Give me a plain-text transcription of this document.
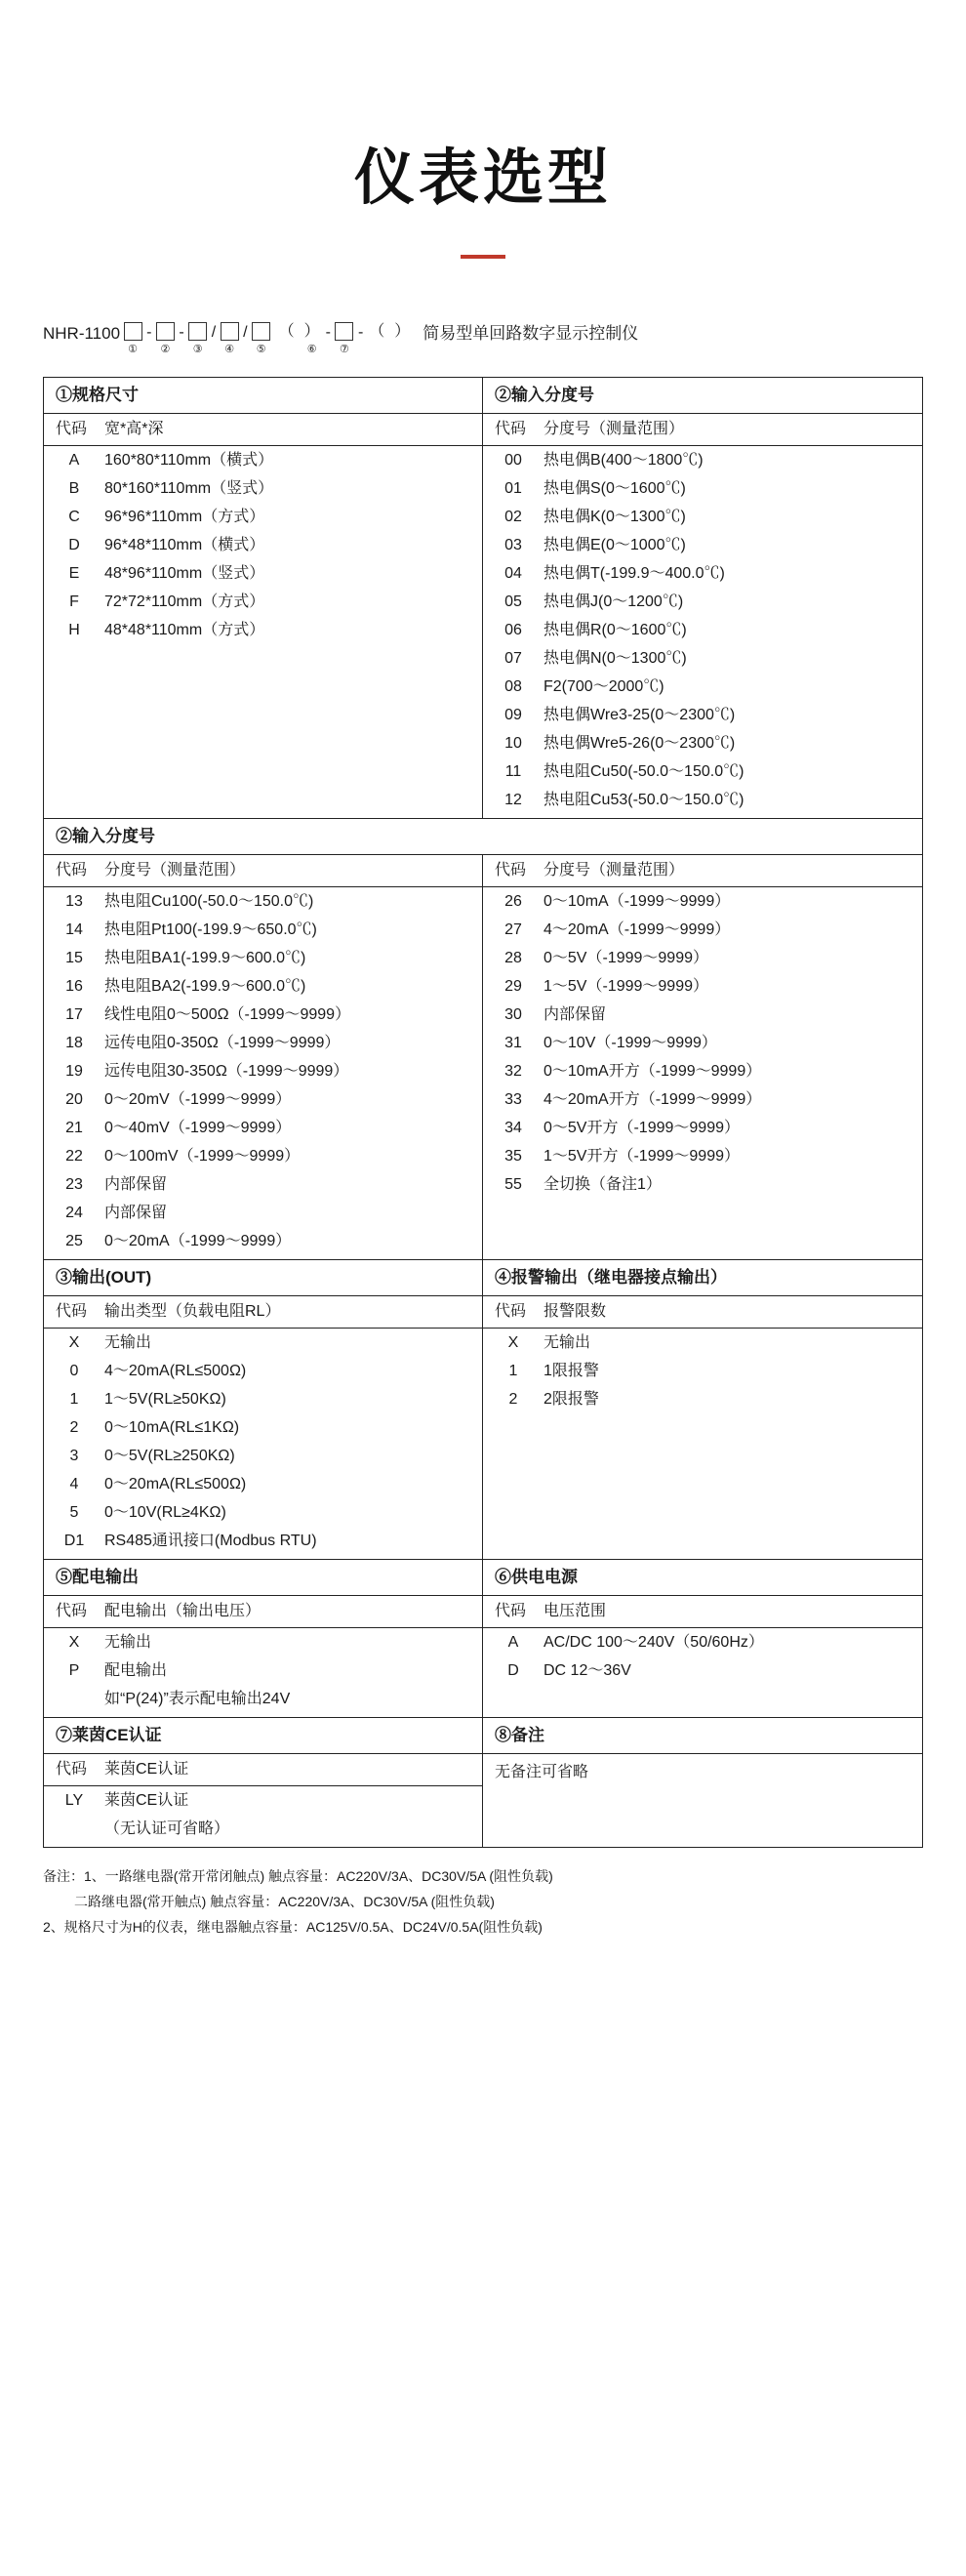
仪表选型
NHR-1100
①
-
②
-
③
/
④
/
⑤
（ ）
⑥
-
⑦
- （ ） 简易型单回路数字显示控制仪
①规格尺寸
代码	宽*高*深
A	160*80*110mm（横式）
B	80*160*110mm（竖式）
C	96*96*110mm（方式）
D	96*48*110mm（横式）
E	48*96*110mm（竖式）
F	72*72*110mm（方式）
H	48*48*110mm（方式）
②输入分度号
代码	分度号（测量范围）
00	热电偶B(400～1800℃)
01	热电偶S(0～1600℃)
02	热电偶K(0～1300℃)
03	热电偶E(0～1000℃)
04	热电偶T(-199.9～400.0℃)
05	热电偶J(0～1200℃)
06	热电偶R(0～1600℃)
07	热电偶N(0～1300℃)
08	F2(700～2000℃)
09	热电偶Wre3-25(0～2300℃)
10	热电偶Wre5-26(0～2300℃)
11	热电阻Cu50(-50.0～150.0℃)
12	热电阻Cu53(-50.0～150.0℃)
②输入分度号
代码	分度号（测量范围）
13	热电阻Cu100(-50.0～150.0℃)
14	热电阻Pt100(-199.9～650.0℃)
15	热电阻BA1(-199.9～600.0℃)
16	热电阻BA2(-199.9～600.0℃)
17	线性电阻0～500Ω（-1999～9999）
18	远传电阻0-350Ω（-1999～9999）
19	远传电阻30-350Ω（-1999～9999）
20	0～20mV（-1999～9999）
21	0～40mV（-1999～9999）
22	0～100mV（-1999～9999）
23	内部保留
24	内部保留
25	0～20mA（-1999～9999）
代码	分度号（测量范围）
26	0～10mA（-1999～9999）
27	4～20mA（-1999～9999）
28	0～5V（-1999～9999）
29	1～5V（-1999～9999）
30	内部保留
31	0～10V（-1999～9999）
32	0～10mA开方（-1999～9999）
33	4～20mA开方（-1999～9999）
34	0～5V开方（-1999～9999）
35	1～5V开方（-1999～9999）
55	全切换（备注1）
③输出(OUT)
代码	输出类型（负载电阻RL）
X	无输出
0	4～20mA(RL≤500Ω)
1	1～5V(RL≥50KΩ)
2	0～10mA(RL≤1KΩ)
3	0～5V(RL≥250KΩ)
4	0～20mA(RL≤500Ω)
5	0～10V(RL≥4KΩ)
D1	RS485通讯接口(Modbus RTU)
④报警输出（继电器接点输出）
代码	报警限数
X	无输出
1	1限报警
2	2限报警
⑤配电输出
代码	配电输出（输出电压）
X	无输出
P	配电输出
如“P(24)”表示配电输出24V
⑥供电电源
代码	电压范围
A	AC/DC 100～240V（50/60Hz）
D	DC 12～36V
⑦莱茵CE认证
代码	莱茵CE认证
LY	莱茵CE认证
（无认证可省略）
⑧备注
无备注可省略
备注：1、一路继电器(常开常闭触点) 触点容量：AC220V/3A、DC30V/5A (阻性负载)
二路继电器(常开触点) 触点容量：AC220V/3A、DC30V/5A (阻性负载)
2、规格尺寸为H的仪表，继电器触点容量：AC125V/0.5A、DC24V/0.5A(阻性负载)
